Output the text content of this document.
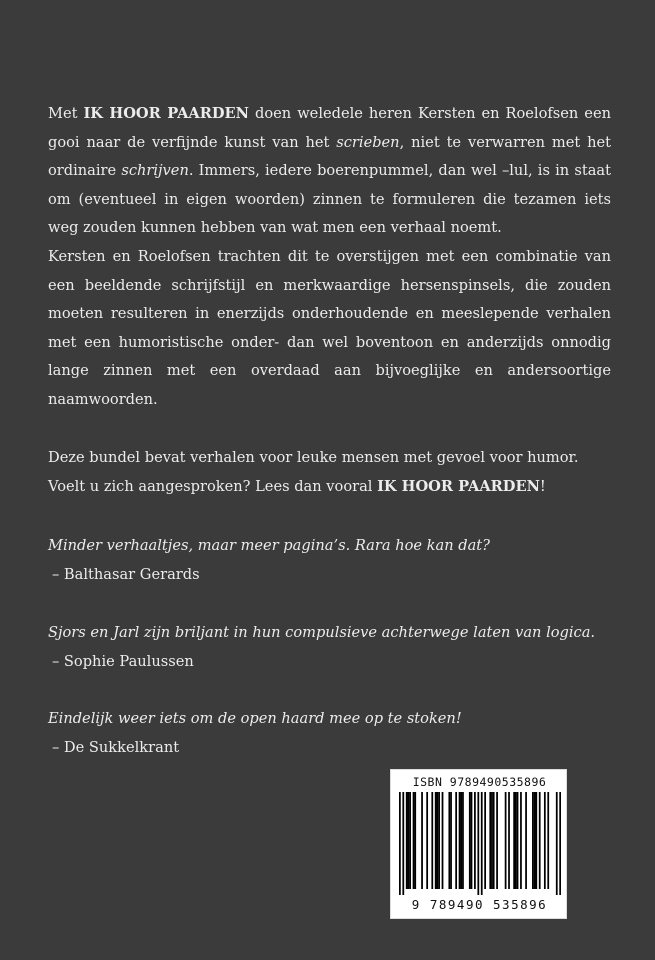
Met IK HOOR PAARDEN doen weledele heren Kersten en Roelofsen een gooi naar de verfijnde kunst van het scrieben, niet te verwarren met het ordinaire schrijven. Immers, iedere boerenpummel, dan wel –lul, is in staat om (eventueel in eigen woorden) zinnen te formuleren die tezamen iets weg zouden kunnen hebben van wat men een verhaal noemt.

Kersten en Roelofsen trachten dit te overstijgen met een combinatie van een beeldende schrijfstijl en merkwaardige hersenspinsels, die zouden moeten resulteren in enerzijds onderhoudende en meeslepende verhalen met een humoristische onder- dan wel boventoon en anderzijds onnodig lange zinnen met een overdaad aan bijvoeglijke en andersoortige naamwoorden.

Deze bundel bevat verhalen voor leuke mensen met gevoel voor humor. Voelt u zich aangesproken? Lees dan vooral IK HOOR PAARDEN!

Minder verhaaltjes, maar meer pagina’s. Rara hoe kan dat?
– Balthasar Gerards
Sjors en Jarl zijn briljant in hun compulsieve achterwege laten van logica.
– Sophie Paulussen
Eindelijk weer iets om de open haard mee op te stoken!
– De Sukkelkrant
ISBN 9789490535896
9 789490 535896
